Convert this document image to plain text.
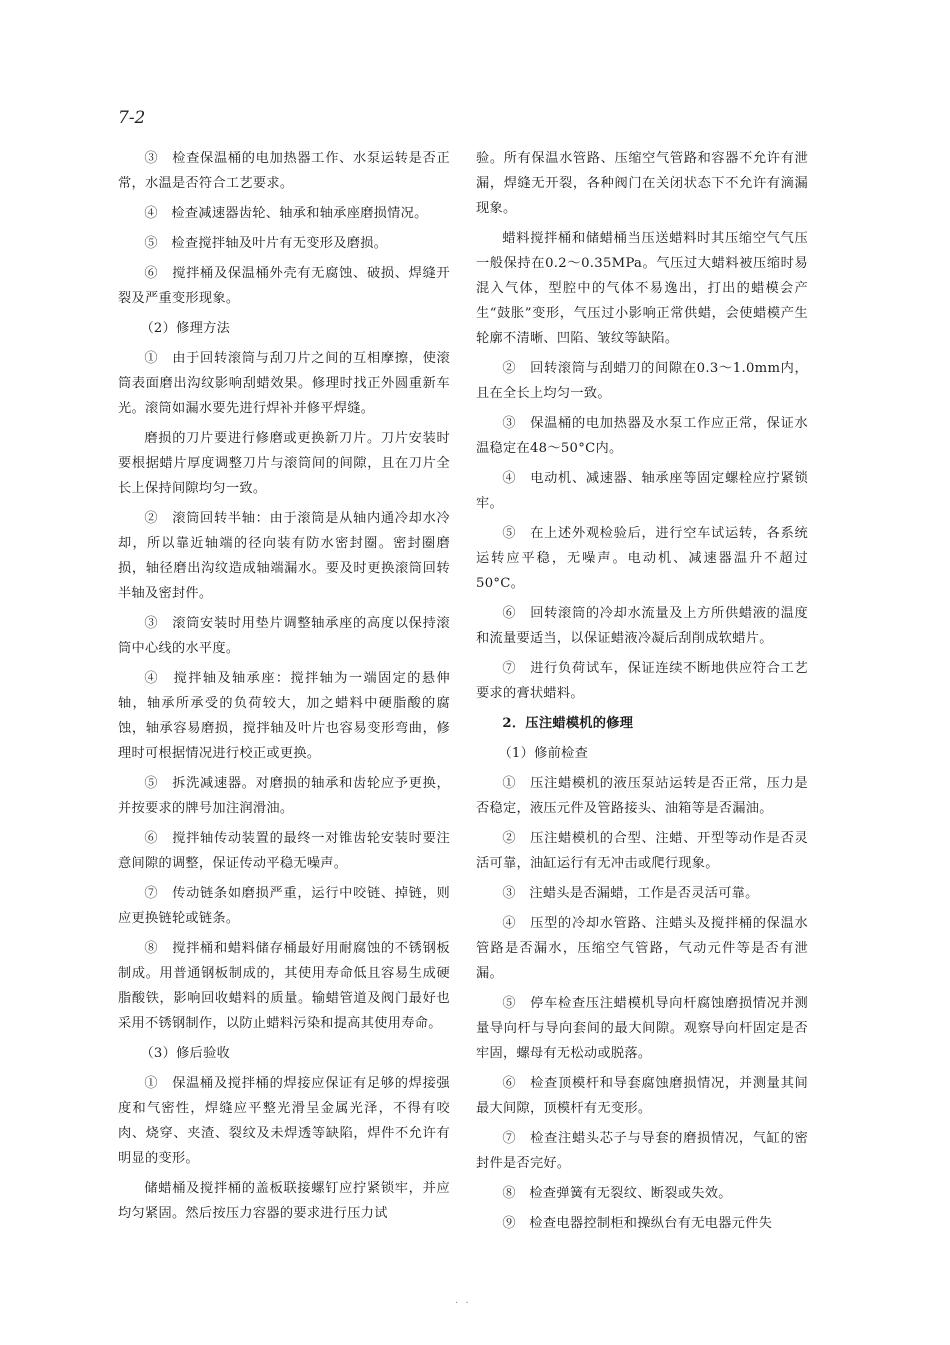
7-2

③　检查保温桶的电加热器工作、水泵运转是否正常，水温是否符合工艺要求。

④　检查减速器齿轮、轴承和轴承座磨损情况。

⑤　检查搅拌轴及叶片有无变形及磨损。

⑥　搅拌桶及保温桶外壳有无腐蚀、破损、焊缝开裂及严重变形现象。

（2）修理方法

①　由于回转滚筒与刮刀片之间的互相摩擦，使滚筒表面磨出沟纹影响刮蜡效果。修理时找正外圆重新车光。滚筒如漏水要先进行焊补并修平焊缝。

磨损的刀片要进行修磨或更换新刀片。刀片安装时要根据蜡片厚度调整刀片与滚筒间的间隙，且在刀片全长上保持间隙均匀一致。

②　滚筒回转半轴：由于滚筒是从轴内通冷却水冷却，所以靠近轴端的径向装有防水密封圈。密封圈磨损，轴径磨出沟纹造成轴端漏水。要及时更换滚筒回转半轴及密封件。

③　滚筒安装时用垫片调整轴承座的高度以保持滚筒中心线的水平度。

④　搅拌轴及轴承座：搅拌轴为一端固定的悬伸轴，轴承所承受的负荷较大，加之蜡料中硬脂酸的腐蚀，轴承容易磨损，搅拌轴及叶片也容易变形弯曲，修理时可根据情况进行校正或更换。

⑤　拆洗减速器。对磨损的轴承和齿轮应予更换，并按要求的牌号加注润滑油。

⑥　搅拌轴传动装置的最终一对锥齿轮安装时要注意间隙的调整，保证传动平稳无噪声。

⑦　传动链条如磨损严重，运行中咬链、掉链，则应更换链轮或链条。

⑧　搅拌桶和蜡料储存桶最好用耐腐蚀的不锈钢板制成。用普通钢板制成的，其使用寿命低且容易生成硬脂酸铁，影响回收蜡料的质量。输蜡管道及阀门最好也采用不锈钢制作，以防止蜡料污染和提高其使用寿命。

（3）修后验收

①　保温桶及搅拌桶的焊接应保证有足够的焊接强度和气密性，焊缝应平整光滑呈金属光泽，不得有咬肉、烧穿、夹渣、裂纹及未焊透等缺陷，焊件不允许有明显的变形。

储蜡桶及搅拌桶的盖板联接螺钉应拧紧锁牢，并应均匀紧固。然后按压力容器的要求进行压力试

验。所有保温水管路、压缩空气管路和容器不允许有泄漏，焊缝无开裂，各种阀门在关闭状态下不允许有滴漏现象。

蜡料搅拌桶和储蜡桶当压送蜡料时其压缩空气气压一般保持在0.2～0.35MPa。气压过大蜡料被压缩时易混入气体，型腔中的气体不易逸出，打出的蜡模会产生“鼓胀”变形，气压过小影响正常供蜡，会使蜡模产生轮廓不清晰、凹陷、皱纹等缺陷。

②　回转滚筒与刮蜡刀的间隙在0.3～1.0mm内，且在全长上均匀一致。

③　保温桶的电加热器及水泵工作应正常，保证水温稳定在48～50°C内。

④　电动机、减速器、轴承座等固定螺栓应拧紧锁牢。

⑤　在上述外观检验后，进行空车试运转，各系统运转应平稳，无噪声。电动机、减速器温升不超过50°C。

⑥　回转滚筒的冷却水流量及上方所供蜡液的温度和流量要适当，以保证蜡液冷凝后刮削成软蜡片。

⑦　进行负荷试车，保证连续不断地供应符合工艺要求的膏状蜡料。

2．压注蜡模机的修理

（1）修前检查

①　压注蜡模机的液压泵站运转是否正常，压力是否稳定，液压元件及管路接头、油箱等是否漏油。

②　压注蜡模机的合型、注蜡、开型等动作是否灵活可靠，油缸运行有无冲击或爬行现象。

③　注蜡头是否漏蜡，工作是否灵活可靠。

④　压型的冷却水管路、注蜡头及搅拌桶的保温水管路是否漏水，压缩空气管路，气动元件等是否有泄漏。

⑤　停车检查压注蜡模机导向杆腐蚀磨损情况并测量导向杆与导向套间的最大间隙。观察导向杆固定是否牢固，螺母有无松动或脱落。

⑥　检查顶模杆和导套腐蚀磨损情况，并测量其间最大间隙，顶模杆有无变形。

⑦　检查注蜡头芯子与导套的磨损情况，气缸的密封件是否完好。

⑧　检查弹簧有无裂纹、断裂或失效。

⑨　检查电器控制柜和操纵台有无电器元件失

· ·
